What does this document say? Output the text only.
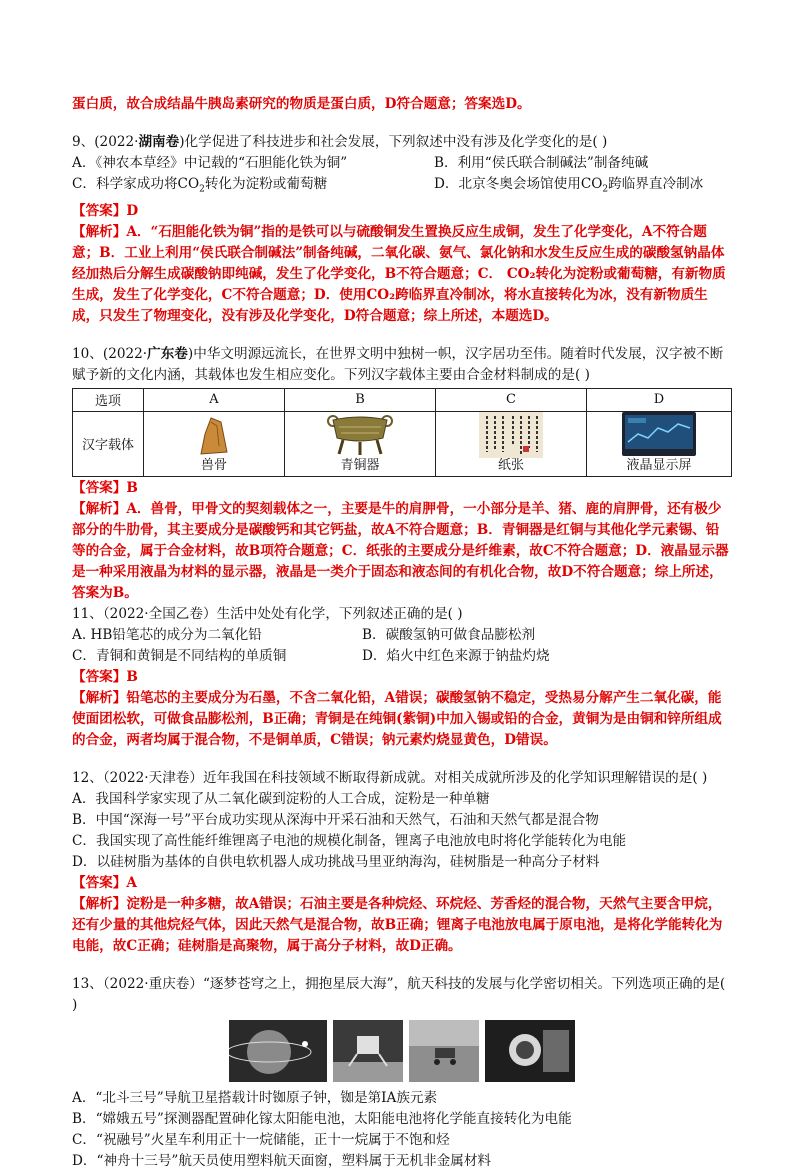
蛋白质，故合成结晶牛胰岛素研究的物质是蛋白质，D符合题意；答案选D。

9、(2022·湖南卷)化学促进了科技进步和社会发展，下列叙述中没有涉及化学变化的是( )

A．《神农本草经》中记载的“石胆能化铁为铜”	B．利用“侯氏联合制碱法”制备纯碱
C．科学家成功将$CO_2$转化为淀粉或葡萄糖	D．北京冬奥会场馆使用$CO_2$跨临界直冷制冰

【答案】D

【解析】A．“石胆能化铁为铜”指的是铁可以与硫酸铜发生置换反应生成铜，发生了化学变化，A不符合题意；B．工业上利用“侯氏联合制碱法”制备纯碱，二氧化碳、氨气、氯化钠和水发生反应生成的碳酸氢钠晶体经加热后分解生成碳酸钠即纯碱，发生了化学变化，B不符合题意；C． CO₂转化为淀粉或葡萄糖，有新物质生成，发生了化学变化，C不符合题意；D．使用CO₂跨临界直冷制冰，将水直接转化为冰，没有新物质生成，只发生了物理变化，没有涉及化学变化，D符合题意；综上所述，本题选D。

10、(2022·广东卷)中华文明源远流长，在世界文明中独树一帜，汉字居功至伟。随着时代发展，汉字被不断赋予新的文化内涵，其载体也发生相应变化。下列汉字载体主要由合金材料制成的是( )

选项	A	B	C	D
汉字载体	兽骨	青铜器	纸张	液晶显示屏

【答案】B

【解析】A．兽骨，甲骨文的契刻载体之一，主要是牛的肩胛骨，一小部分是羊、猪、鹿的肩胛骨，还有极少部分的牛肋骨，其主要成分是碳酸钙和其它钙盐，故A不符合题意；B．青铜器是红铜与其他化学元素锡、铅等的合金，属于合金材料，故B项符合题意；C．纸张的主要成分是纤维素，故C不符合题意；D．液晶显示器是一种采用液晶为材料的显示器，液晶是一类介于固态和液态间的有机化合物，故D不符合题意；综上所述，答案为B。

11、（2022·全国乙卷）生活中处处有化学，下列叙述正确的是( )

A. HB铅笔芯的成分为二氧化铅	B．碳酸氢钠可做食品膨松剂
C．青铜和黄铜是不同结构的单质铜	D．焰火中红色来源于钠盐灼烧

【答案】B

【解析】铅笔芯的主要成分为石墨，不含二氧化铅，A错误；碳酸氢钠不稳定，受热易分解产生二氧化碳，能使面团松软，可做食品膨松剂，B正确；青铜是在纯铜(紫铜)中加入锡或铅的合金，黄铜为是由铜和锌所组成的合金，两者均属于混合物，不是铜单质，C错误；钠元素灼烧显黄色，D错误。

12、（2022·天津卷）近年我国在科技领域不断取得新成就。对相关成就所涉及的化学知识理解错误的是( )

A．我国科学家实现了从二氧化碳到淀粉的人工合成，淀粉是一种单糖
B．中国“深海一号”平台成功实现从深海中开采石油和天然气，石油和天然气都是混合物
C．我国实现了高性能纤维锂离子电池的规模化制备，锂离子电池放电时将化学能转化为电能
D．以硅树脂为基体的自供电软机器人成功挑战马里亚纳海沟，硅树脂是一种高分子材料

【答案】A

【解析】淀粉是一种多糖，故A错误；石油主要是各种烷烃、环烷烃、芳香烃的混合物，天然气主要含甲烷，还有少量的其他烷烃气体，因此天然气是混合物，故B正确；锂离子电池放电属于原电池，是将化学能转化为电能，故C正确；硅树脂是高聚物，属于高分子材料，故D正确。

13、（2022·重庆卷）“逐梦苍穹之上，拥抱星辰大海”，航天科技的发展与化学密切相关。下列选项正确的是( )

A．“北斗三号”导航卫星搭载计时铷原子钟，铷是第ⅠA族元素
B．“嫦娥五号”探测器配置砷化镓太阳能电池，太阳能电池将化学能直接转化为电能
C．“祝融号”火星车利用正十一烷储能，正十一烷属于不饱和烃
D．“神舟十三号”航天员使用塑料航天面窗，塑料属于无机非金属材料
